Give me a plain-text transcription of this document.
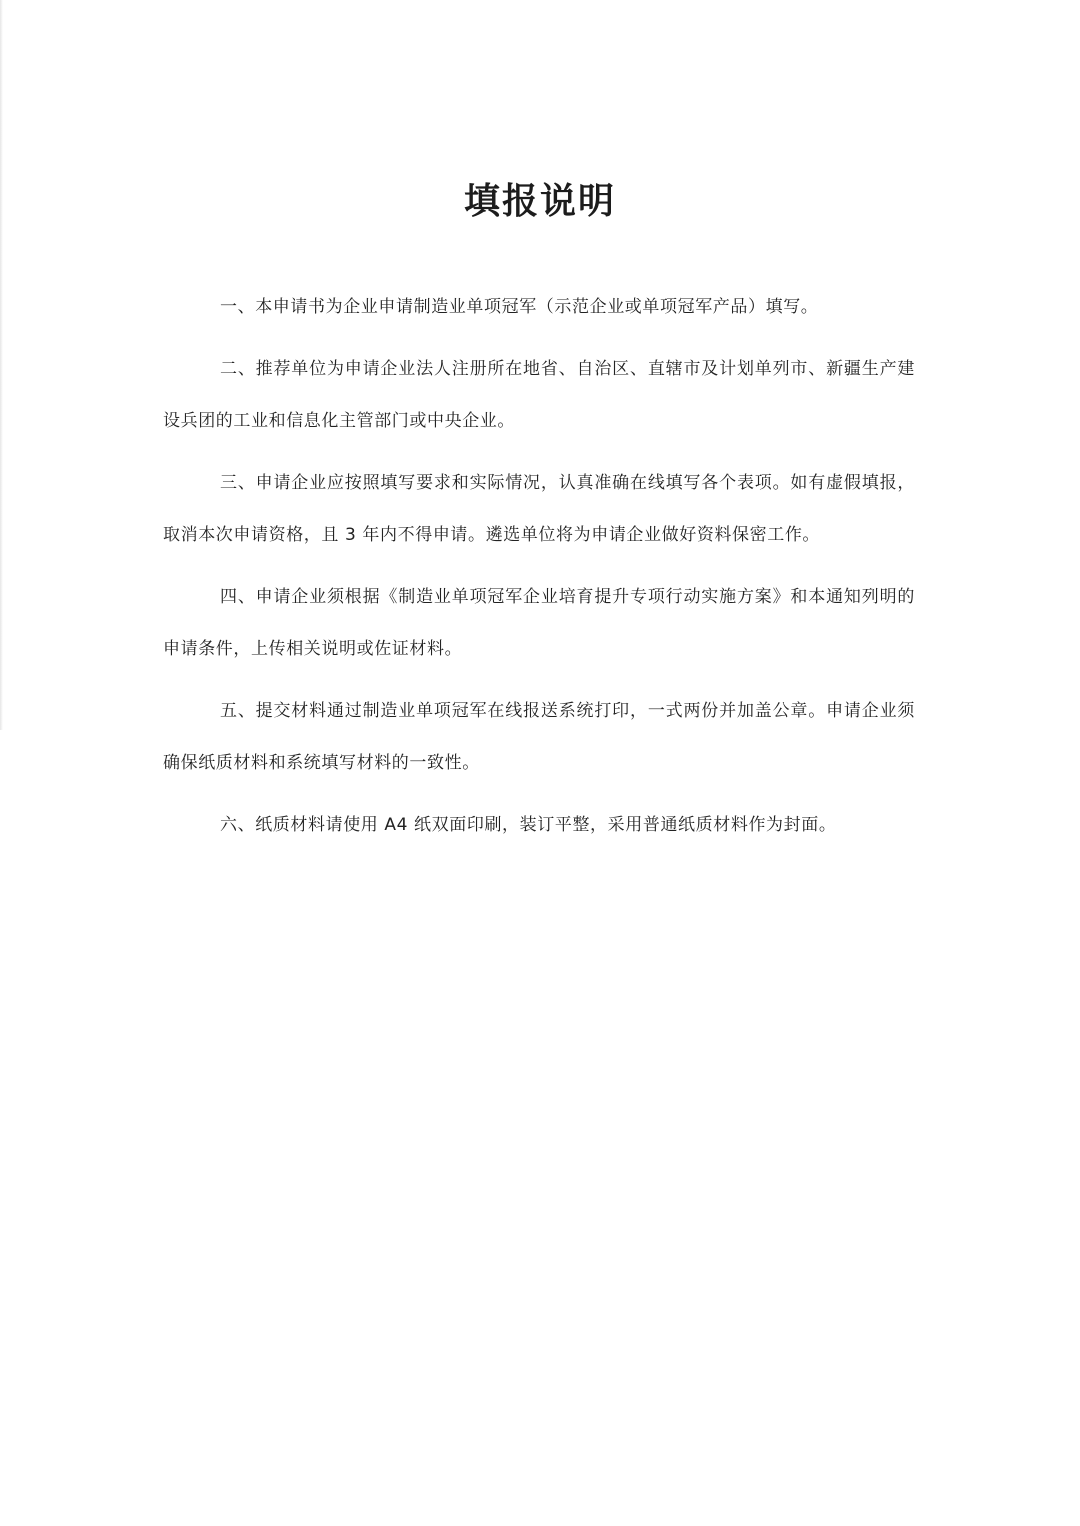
填报说明

一、本申请书为企业申请制造业单项冠军（示范企业或单项冠军产品）填写。

二、推荐单位为申请企业法人注册所在地省、自治区、直辖市及计划单列市、新疆生产建设兵团的工业和信息化主管部门或中央企业。

三、申请企业应按照填写要求和实际情况，认真准确在线填写各个表项。如有虚假填报，取消本次申请资格，且 3 年内不得申请。遴选单位将为申请企业做好资料保密工作。

四、申请企业须根据《制造业单项冠军企业培育提升专项行动实施方案》和本通知列明的申请条件，上传相关说明或佐证材料。

五、提交材料通过制造业单项冠军在线报送系统打印，一式两份并加盖公章。申请企业须确保纸质材料和系统填写材料的一致性。

六、纸质材料请使用 A4 纸双面印刷，装订平整，采用普通纸质材料作为封面。
